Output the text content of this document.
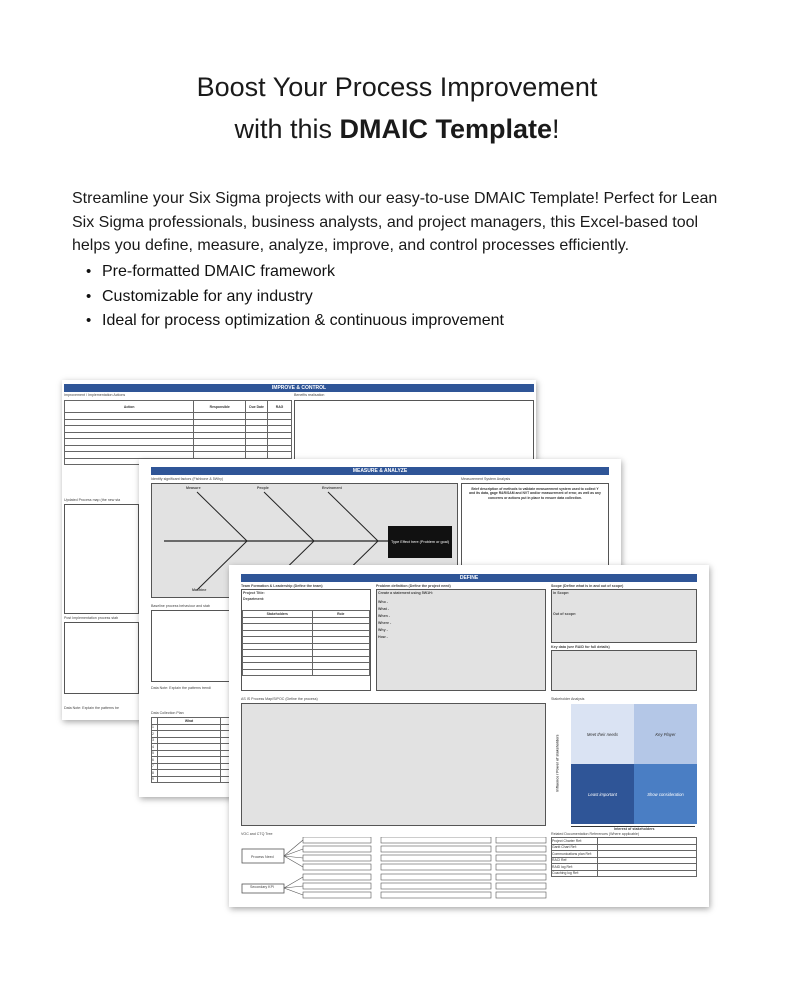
Boost Your Process Improvement
with this DMAIC Template!

Streamline your Six Sigma projects with our easy-to-use DMAIC Template! Perfect for Lean Six Sigma professionals, business analysts, and project managers, this Excel-based tool helps you define, measure, analyze, improve, and control processes efficiently.

• Pre-formatted DMAIC framework
• Customizable for any industry
• Ideal for process optimization & continuous improvement
IMPROVE & CONTROL
Improvement / Implementation Actions	Benefits realisation
Action	Responsible	Due Date	RAG

Updated Process map (the new sta
Post Implementation process stab
Data Note: Explain the patterns be
MEASURE & ANALYZE
Identify significant factors (Fishbone & 5Why)	Measurement System Analysis
Measure	People	Enviroment
Machine
Type Effect here (Problem or goal)
Brief description of methods to validate measurement system used to collect Y and its data, gage R&R/SAM and NVT and/or measurement of error, as well as any concerns or actions put in place to ensure data collection.
Baseline process behaviour and stab
Data Note: Explain the patterns trendi
Data Collection Plan
	What	
1		
2		
3		
4		
5		
6		
7		
8		
9		
DEFINE
Team Formation & Leadership (Define the team)
Project Title:
Department:
Stakeholders	Role

Problem definition (Define the project need)
Create a statement using 5W1H:
Who -
What -
When -
Where -
Why -
How -
Scope (Define what is in and out of scope)
In Scope:
Out of scope:
Key data (see RAID for full details)
AS IS Process Map/SIPOC (Define the process)	Stakeholder Analysis
Influence / Power of stakeholders
Meet their needs	Key Player
Least important	Show consideration
Interest of stakeholders
VOC and CTQ Tree
Process Need
Secondary KPI
Related Documentation References (Where applicable)
Project Charter Ref:	
Gantt Chart Ref:	
Communications plan Ref:	
RACI Ref:	
RAID log Ref:	
Coaching log Ref:	
